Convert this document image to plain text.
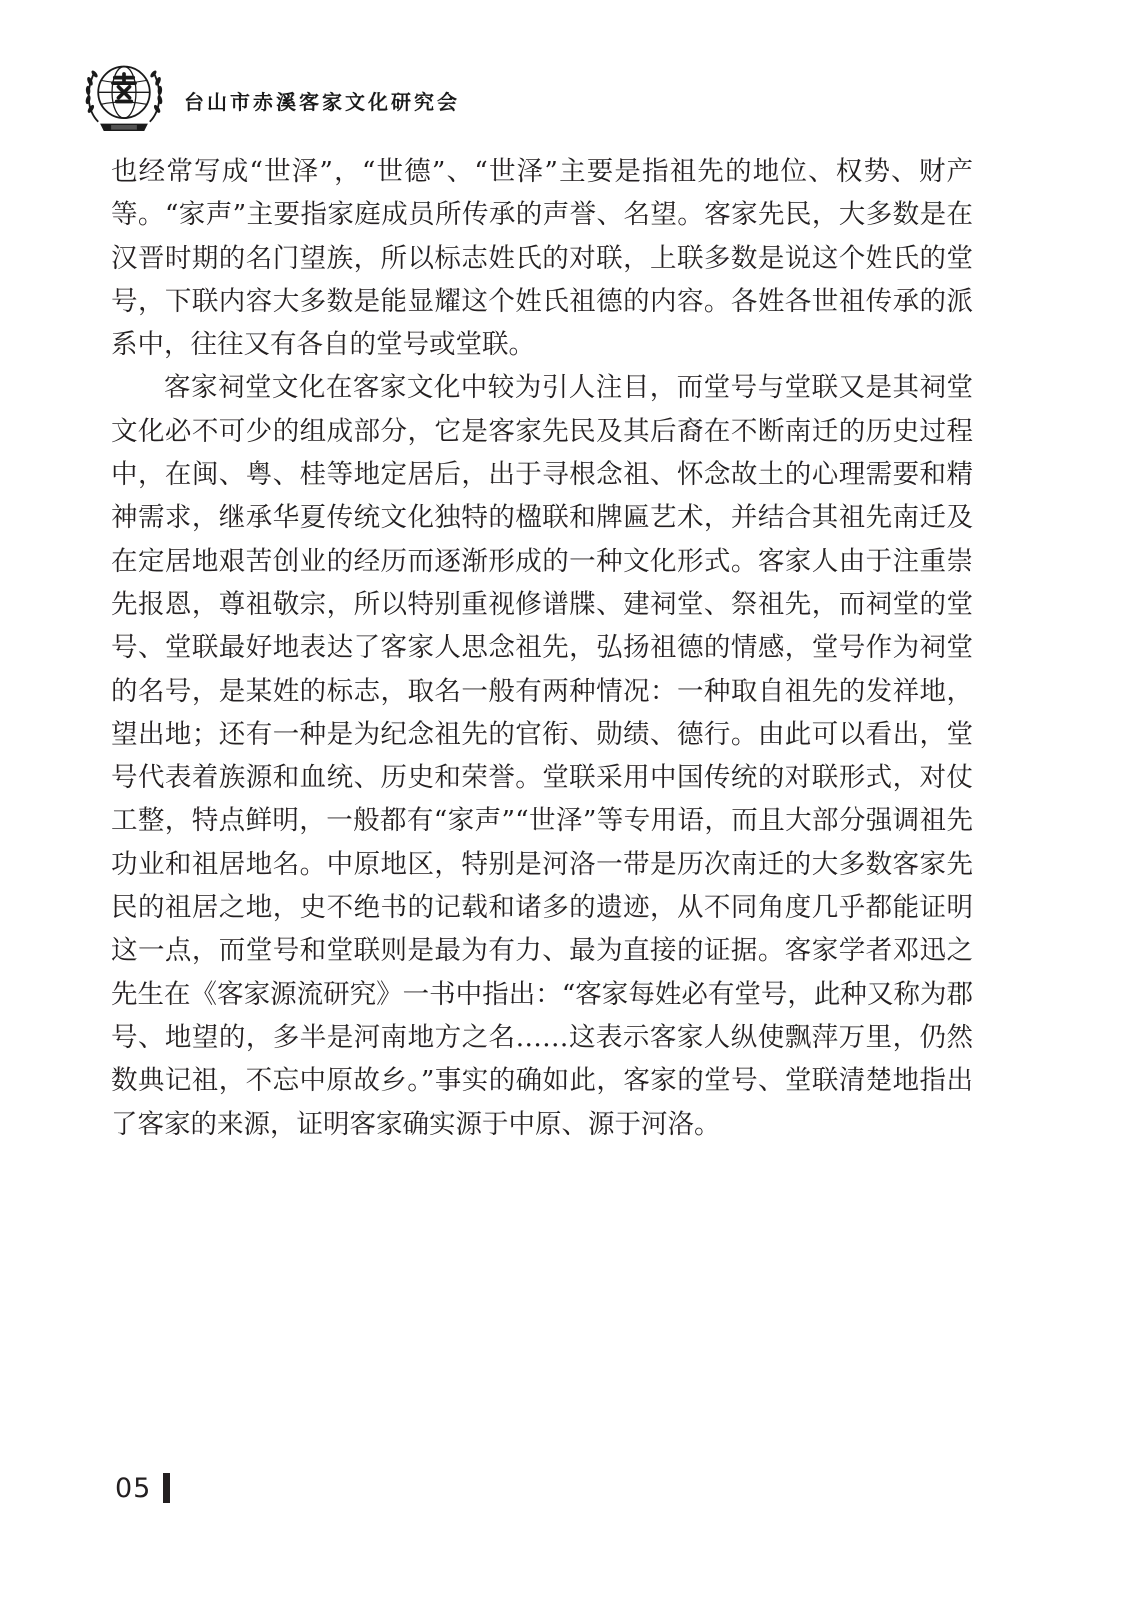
台山市赤溪客家文化研究会

也经常写成“世泽”，“世德”、“世泽”主要是指祖先的地位、权势、财产等。“家声”主要指家庭成员所传承的声誉、名望。客家先民，大多数是在汉晋时期的名门望族，所以标志姓氏的对联，上联多数是说这个姓氏的堂号，下联内容大多数是能显耀这个姓氏祖德的内容。各姓各世祖传承的派系中，往往又有各自的堂号或堂联。

客家祠堂文化在客家文化中较为引人注目，而堂号与堂联又是其祠堂文化必不可少的组成部分，它是客家先民及其后裔在不断南迁的历史过程中，在闽、粤、桂等地定居后，出于寻根念祖、怀念故土的心理需要和精神需求，继承华夏传统文化独特的楹联和牌匾艺术，并结合其祖先南迁及在定居地艰苦创业的经历而逐渐形成的一种文化形式。客家人由于注重崇先报恩，尊祖敬宗，所以特别重视修谱牒、建祠堂、祭祖先，而祠堂的堂号、堂联最好地表达了客家人思念祖先，弘扬祖德的情感，堂号作为祠堂的名号，是某姓的标志，取名一般有两种情况：一种取自祖先的发祥地，望出地；还有一种是为纪念祖先的官衔、勋绩、德行。由此可以看出，堂号代表着族源和血统、历史和荣誉。堂联采用中国传统的对联形式，对仗工整，特点鲜明，一般都有“家声”“世泽”等专用语，而且大部分强调祖先功业和祖居地名。中原地区，特别是河洛一带是历次南迁的大多数客家先民的祖居之地，史不绝书的记载和诸多的遗迹，从不同角度几乎都能证明这一点，而堂号和堂联则是最为有力、最为直接的证据。客家学者邓迅之先生在《客家源流研究》一书中指出：“客家每姓必有堂号，此种又称为郡号、地望的，多半是河南地方之名……这表示客家人纵使飘萍万里，仍然数典记祖，不忘中原故乡。”事实的确如此，客家的堂号、堂联清楚地指出了客家的来源，证明客家确实源于中原、源于河洛。

05
